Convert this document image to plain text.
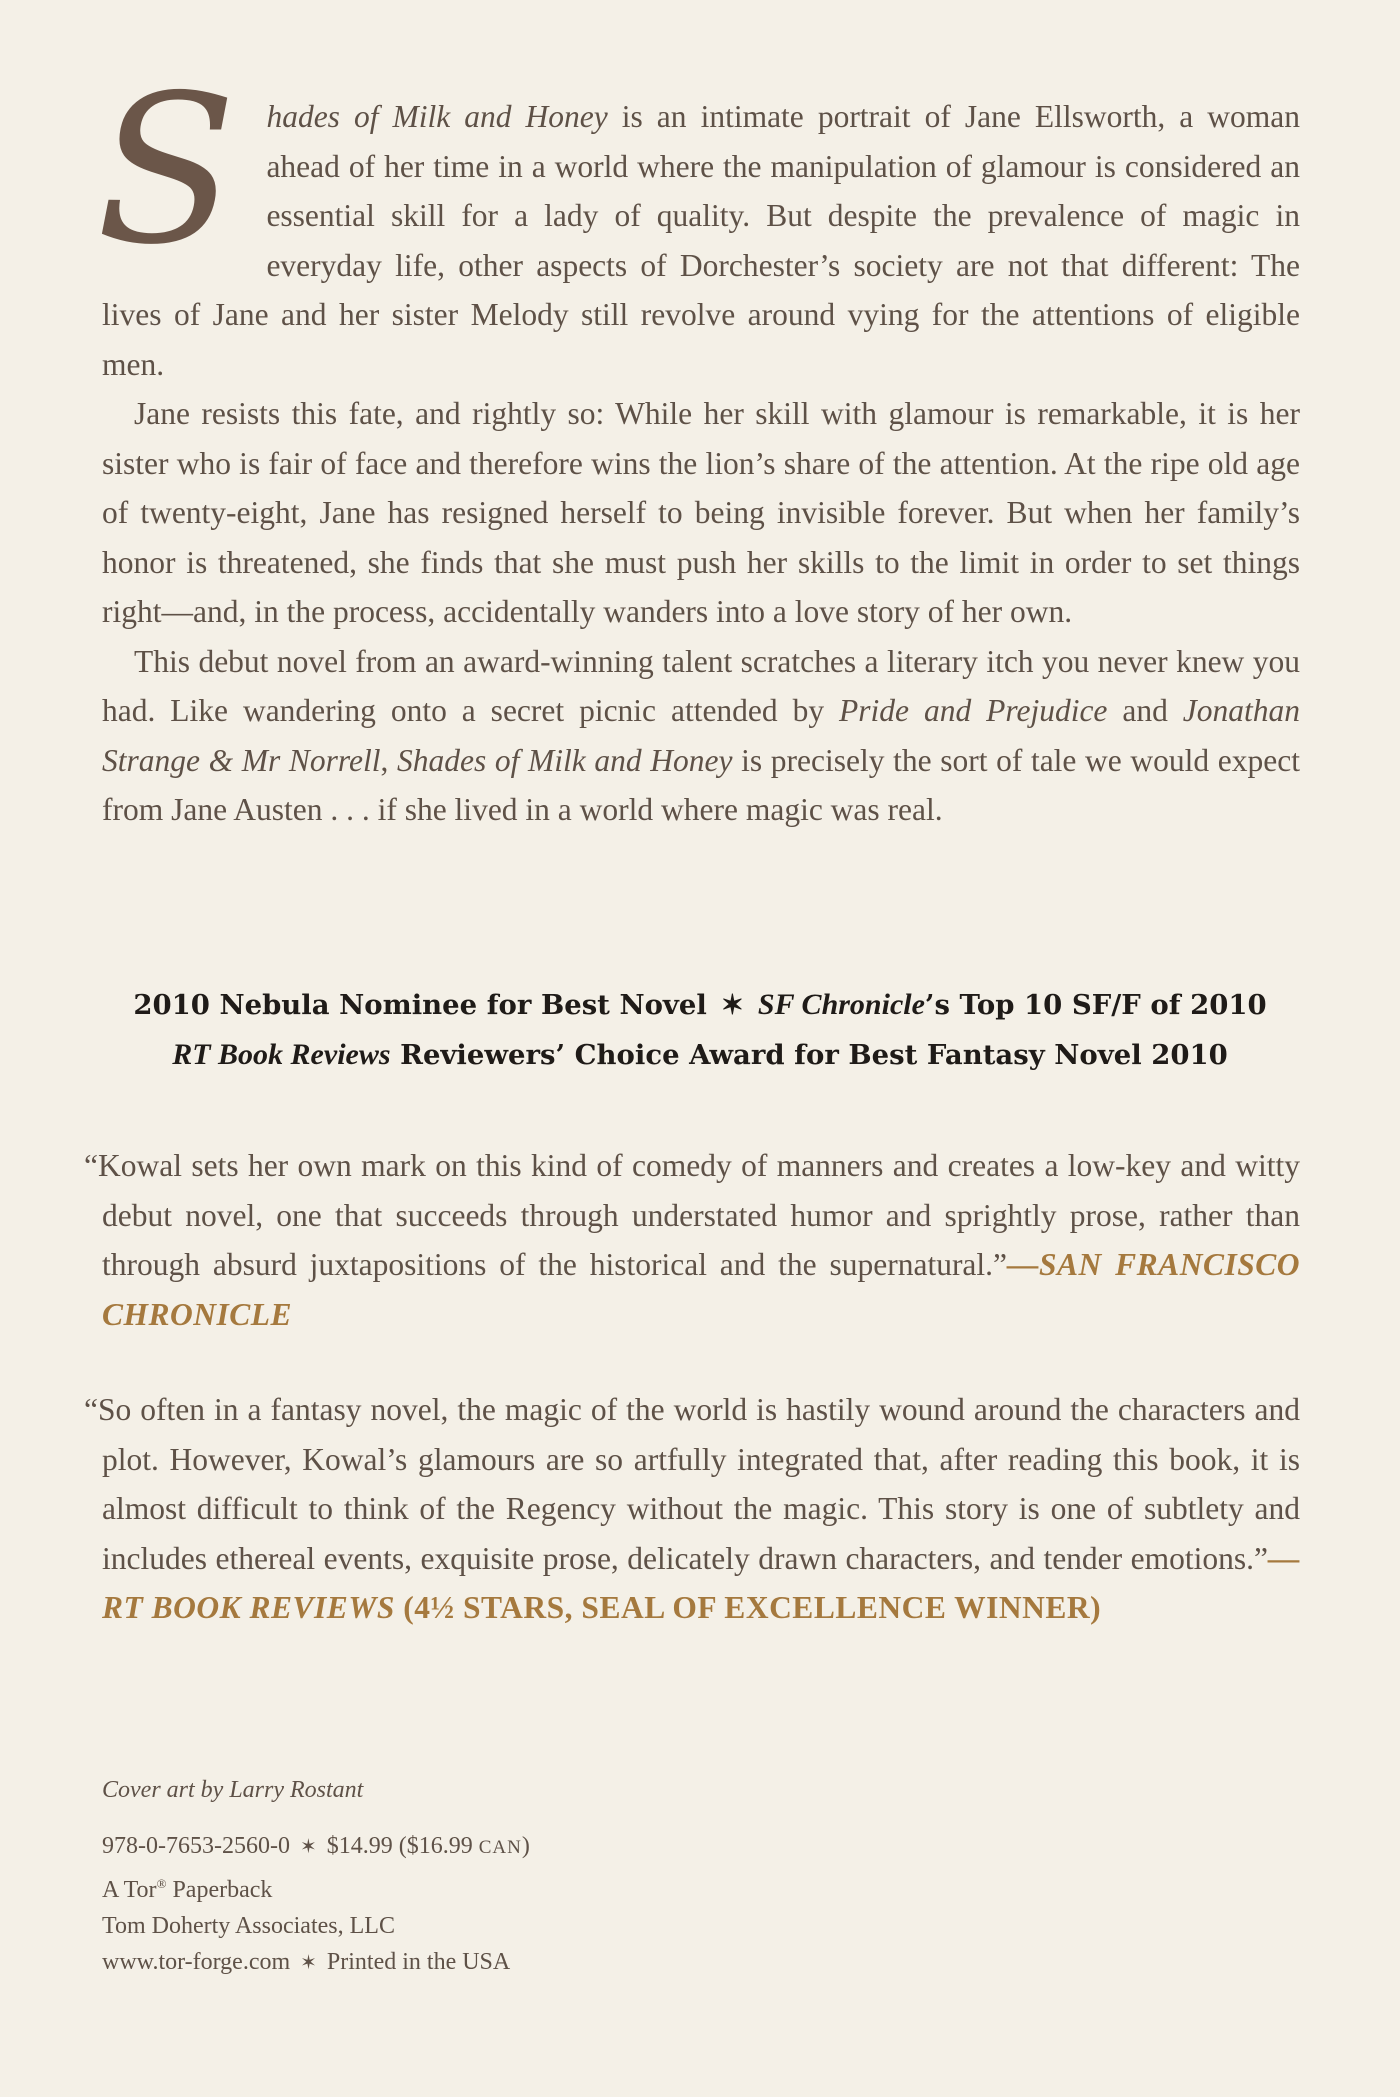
Shades of Milk and Honey is an intimate portrait of Jane Ellsworth, a woman ahead of her time in a world where the manipulation of glamour is considered an essential skill for a lady of quality. But despite the prevalence of magic in everyday life, other aspects of Dorchester’s society are not that different: The lives of Jane and her sister Melody still revolve around vying for the attentions of eligible men.

Jane resists this fate, and rightly so: While her skill with glamour is remarkable, it is her sister who is fair of face and therefore wins the lion’s share of the attention. At the ripe old age of twenty-eight, Jane has resigned herself to being invisible forever. But when her family’s honor is threatened, she finds that she must push her skills to the limit in order to set things right—and, in the process, accidentally wanders into a love story of her own.

This debut novel from an award-winning talent scratches a literary itch you never knew you had. Like wandering onto a secret picnic attended by Pride and Prejudice and Jonathan Strange & Mr Norrell, Shades of Milk and Honey is precisely the sort of tale we would expect from Jane Austen . . . if she lived in a world where magic was real.

2010 Nebula Nominee for Best Novel ✶ SF Chronicle’s Top 10 SF/F of 2010
RT Book Reviews Reviewers’ Choice Award for Best Fantasy Novel 2010
“Kowal sets her own mark on this kind of comedy of manners and creates a low-key and witty debut novel, one that succeeds through understated humor and sprightly prose, rather than through absurd juxtapositions of the historical and the supernatural.”—SAN FRANCISCO CHRONICLE
“So often in a fantasy novel, the magic of the world is hastily wound around the characters and plot. However, Kowal’s glamours are so artfully integrated that, after reading this book, it is almost difficult to think of the Regency without the magic. This story is one of subtlety and includes ethereal events, exquisite prose, delicately drawn characters, and tender emotions.”—RT BOOK REVIEWS (4½ STARS, SEAL OF EXCELLENCE WINNER)
Cover art by Larry Rostant
978-0-7653-2560-0 ✶ $14.99 ($16.99 CAN)
A Tor® Paperback
Tom Doherty Associates, LLC
www.tor-forge.com ✶ Printed in the USA
